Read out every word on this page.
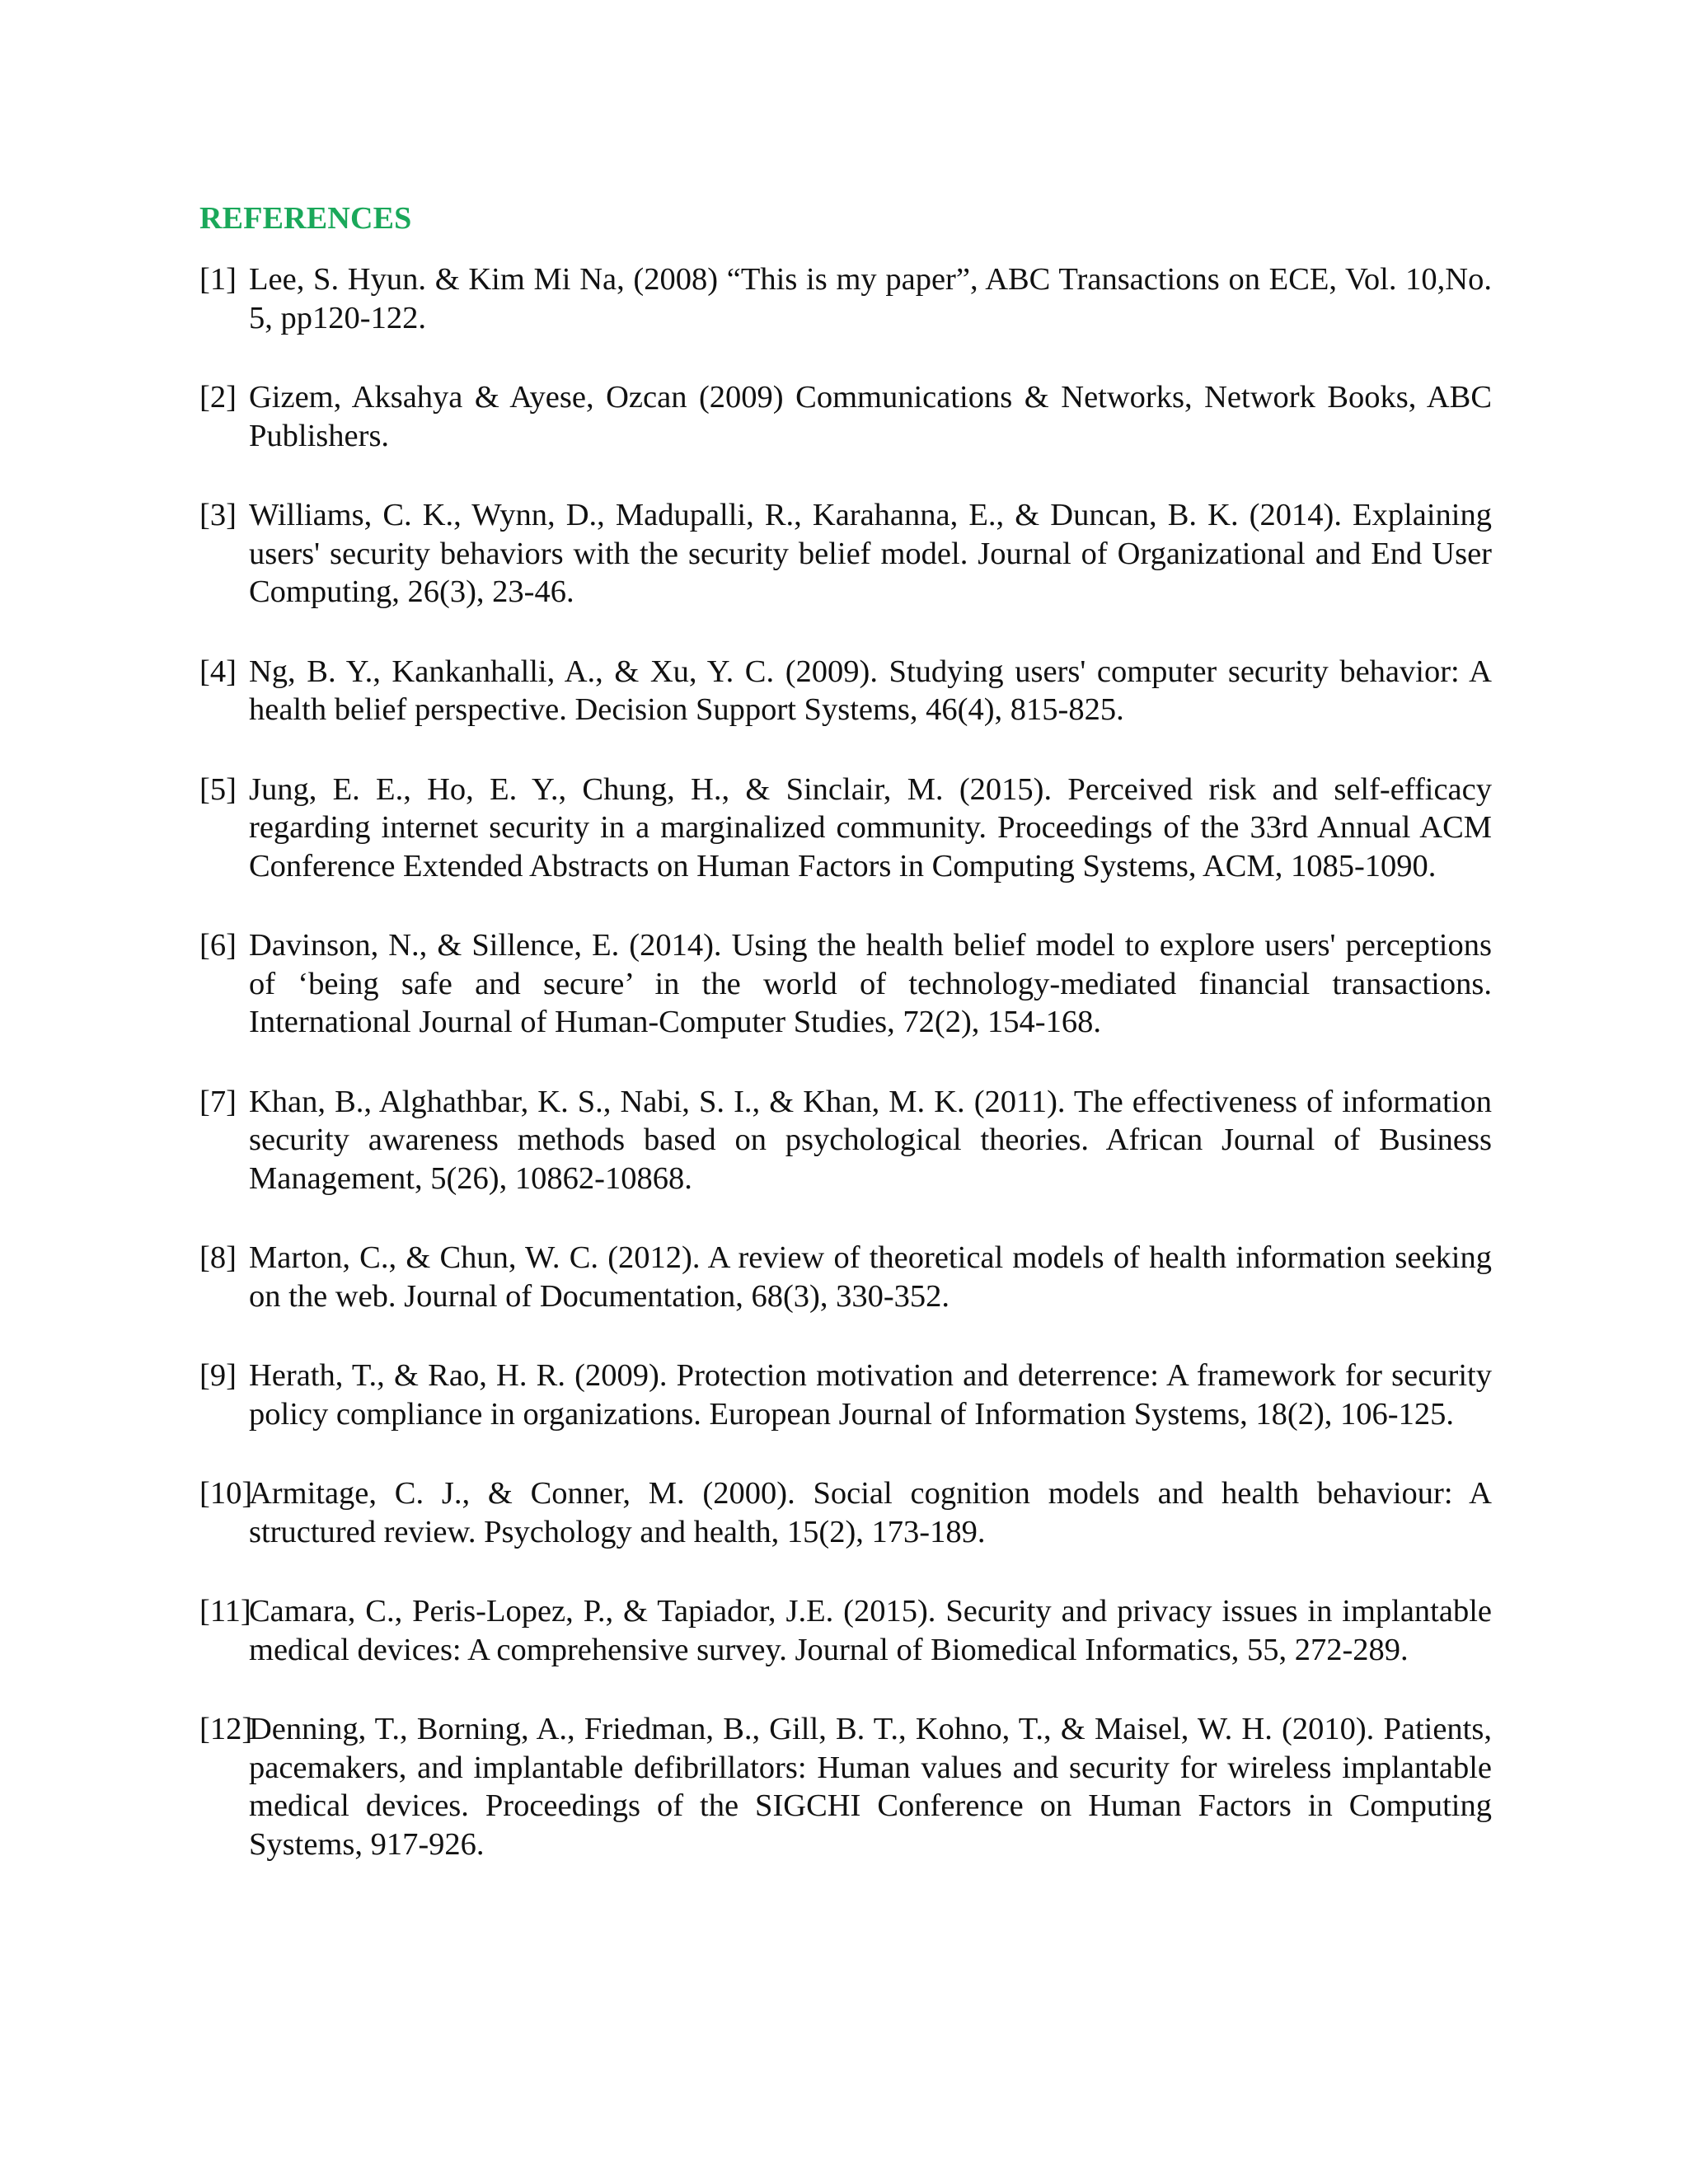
REFERENCES
[1] Lee, S. Hyun. & Kim Mi Na, (2008) “This is my paper”, ABC Transactions on ECE, Vol. 10,No. 5, pp120-122.
[2] Gizem, Aksahya & Ayese, Ozcan (2009) Communications & Networks, Network Books, ABC Publishers.
[3] Williams, C. K., Wynn, D., Madupalli, R., Karahanna, E., & Duncan, B. K. (2014). Explaining users' security behaviors with the security belief model. Journal of Organizational and End User Computing, 26(3), 23-46.
[4] Ng, B. Y., Kankanhalli, A., & Xu, Y. C. (2009). Studying users' computer security behavior: A health belief perspective. Decision Support Systems, 46(4), 815-825.
[5] Jung, E. E., Ho, E. Y., Chung, H., & Sinclair, M. (2015). Perceived risk and self-efficacy regarding internet security in a marginalized community. Proceedings of the 33rd Annual ACM Conference Extended Abstracts on Human Factors in Computing Systems, ACM, 1085-1090.
[6] Davinson, N., & Sillence, E. (2014). Using the health belief model to explore users' perceptions of ‘being safe and secure’ in the world of technology-mediated financial transactions. International Journal of Human-Computer Studies, 72(2), 154-168.
[7] Khan, B., Alghathbar, K. S., Nabi, S. I., & Khan, M. K. (2011). The effectiveness of information security awareness methods based on psychological theories. African Journal of Business Management, 5(26), 10862-10868.
[8] Marton, C., & Chun, W. C. (2012). A review of theoretical models of health information seeking on the web. Journal of Documentation, 68(3), 330-352.
[9] Herath, T., & Rao, H. R. (2009). Protection motivation and deterrence: A framework for security policy compliance in organizations. European Journal of Information Systems, 18(2), 106-125.
[10]
Armitage, C. J., & Conner, M. (2000). Social cognition models and health behaviour: A structured review. Psychology and health, 15(2), 173-189.
[11]
Camara, C., Peris-Lopez, P., & Tapiador, J.E. (2015). Security and privacy issues in implantable medical devices: A comprehensive survey. Journal of Biomedical Informatics, 55, 272-289.
[12]
Denning, T., Borning, A., Friedman, B., Gill, B. T., Kohno, T., & Maisel, W. H. (2010). Patients, pacemakers, and implantable defibrillators: Human values and security for wireless implantable medical devices. Proceedings of the SIGCHI Conference on Human Factors in Computing Systems, 917-926.
